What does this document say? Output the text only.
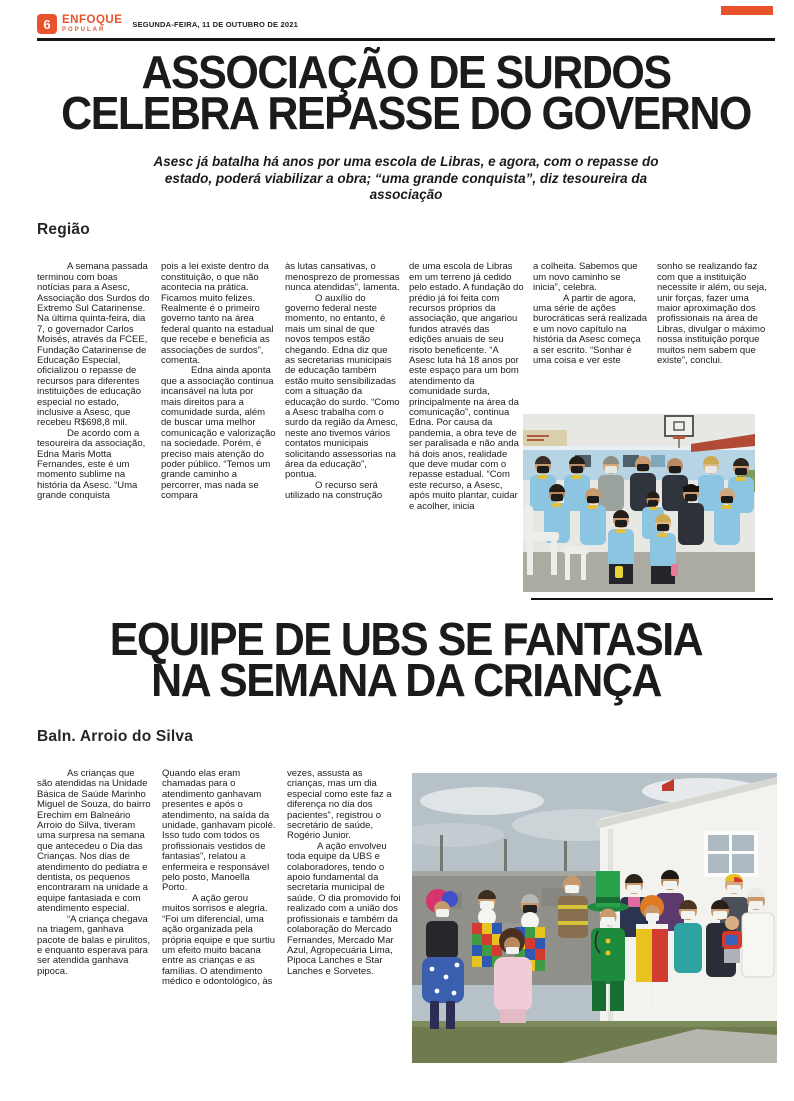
6 ENFOQUE
POPULAR
SEGUNDA-FEIRA, 11 DE OUTUBRO DE 2021
ASSOCIAÇÃO DE SURDOS
CELEBRA REPASSE DO GOVERNO

Asesc já batalha há anos por uma escola de Libras, e agora, com o repasse do estado, poderá viabilizar a obra; “uma grande conquista”, diz tesoureira da associação

Região

A semana passada terminou com boas notícias para a Asesc, Associação dos Surdos do Extremo Sul Catarinense. Na última quinta-feira, dia 7, o governador Carlos Moisés, através da FCEE, Fundação Catarinense de Educação Especial, oficializou o repasse de recursos para diferentes instituições de educação especial no estado, inclusive a Asesc, que recebeu R$698,8 mil.

De acordo com a tesoureira da associação, Edna Maris Motta Fernandes, este é um momento sublime na história da Asesc. “Uma grande conquista

pois a lei existe dentro da constituição, o que não acontecia na prática. Ficamos muito felizes. Realmente é o primeiro governo tanto na área federal quanto na estadual que recebe e beneficia as associações de surdos”, comenta.

Edna ainda aponta que a associação continua incansável na luta por mais direitos para a comunidade surda, além de buscar uma melhor comunicação e valorização na sociedade. Porém, é preciso mais atenção do poder público. “Temos um grande caminho a percorrer, mas nada se compara

às lutas cansativas, o menosprezo de promessas nunca atendidas”, lamenta.

O auxílio do governo federal neste momento, no entanto, é mais um sinal de que novos tempos estão chegando. Edna diz que as secretarias municipais de educação também estão muito sensibilizadas com a situação da educação do surdo. “Como a Asesc trabalha com o surdo da região da Amesc, neste ano tivemos vários contatos municipais solicitando assessorias na área da educação”, pontua.

O recurso será utilizado na construção

de uma escola de Libras em um terreno já cedido pelo estado. A fundação do prédio já foi feita com recursos próprios da associação, que angariou fundos através das edições anuais de seu risoto beneficente. “A Asesc luta há 18 anos por este espaço para um bom atendimento da comunidade surda, principalmente na área da comunicação”, continua Edna. Por causa da pandemia, a obra teve de ser paralisada e não anda há dois anos, realidade que deve mudar com o repasse estadual. “Com este recurso, a Asesc, após muito plantar, cuidar e acolher, inicia

a colheita. Sabemos que um novo caminho se inicia”, celebra.

A partir de agora, uma série de ações burocráticas será realizada e um novo capítulo na história da Asesc começa a ser escrito. “Sonhar é uma coisa e ver este

sonho se realizando faz com que a instituição necessite ir além, ou seja, unir forças, fazer uma maior aproximação dos profissionais na área de Libras, divulgar o máximo nossa instituição porque muitos nem sabem que existe”, conclui.

EQUIPE DE UBS SE FANTASIA
NA SEMANA DA CRIANÇA
Baln. Arroio do Silva

As crianças que são atendidas na Unidade Básica de Saúde Marinho Miguel de Souza, do bairro Erechim em Balneário Arroio do Silva, tiveram uma surpresa na semana que antecedeu o Dia das Crianças. Nos dias de atendimento do pediatra e dentista, os pequenos encontraram na unidade a equipe fantasiada e com atendimento especial.

“A criança chegava na triagem, ganhava pacote de balas e pirulitos, e enquanto esperava para ser atendida ganhava pipoca.

Quando elas eram chamadas para o atendimento ganhavam presentes e após o atendimento, na saída da unidade, ganhavam picolé. Isso tudo com todos os profissionais vestidos de fantasias”, relatou a enfermeira e responsável pelo posto, Manoella Porto.

A ação gerou muitos sorrisos e alegria. “Foi um diferencial, uma ação organizada pela própria equipe e que surtiu um efeito muito bacana entre as crianças e as famílias. O atendimento médico e odontológico, às

vezes, assusta as crianças, mas um dia especial como este faz a diferença no dia dos pacientes”, registrou o secretário de saúde, Rogério Junior.

A ação envolveu toda equipe da UBS e colaboradores, tendo o apoio fundamental da secretaria municipal de saúde. O dia promovido foi realizado com a união dos profissionais e também da colaboração do Mercado Fernandes, Mercado Mar Azul, Agropecuária Lima, Pipoca Lanches e Star Lanches e Sorvetes.
